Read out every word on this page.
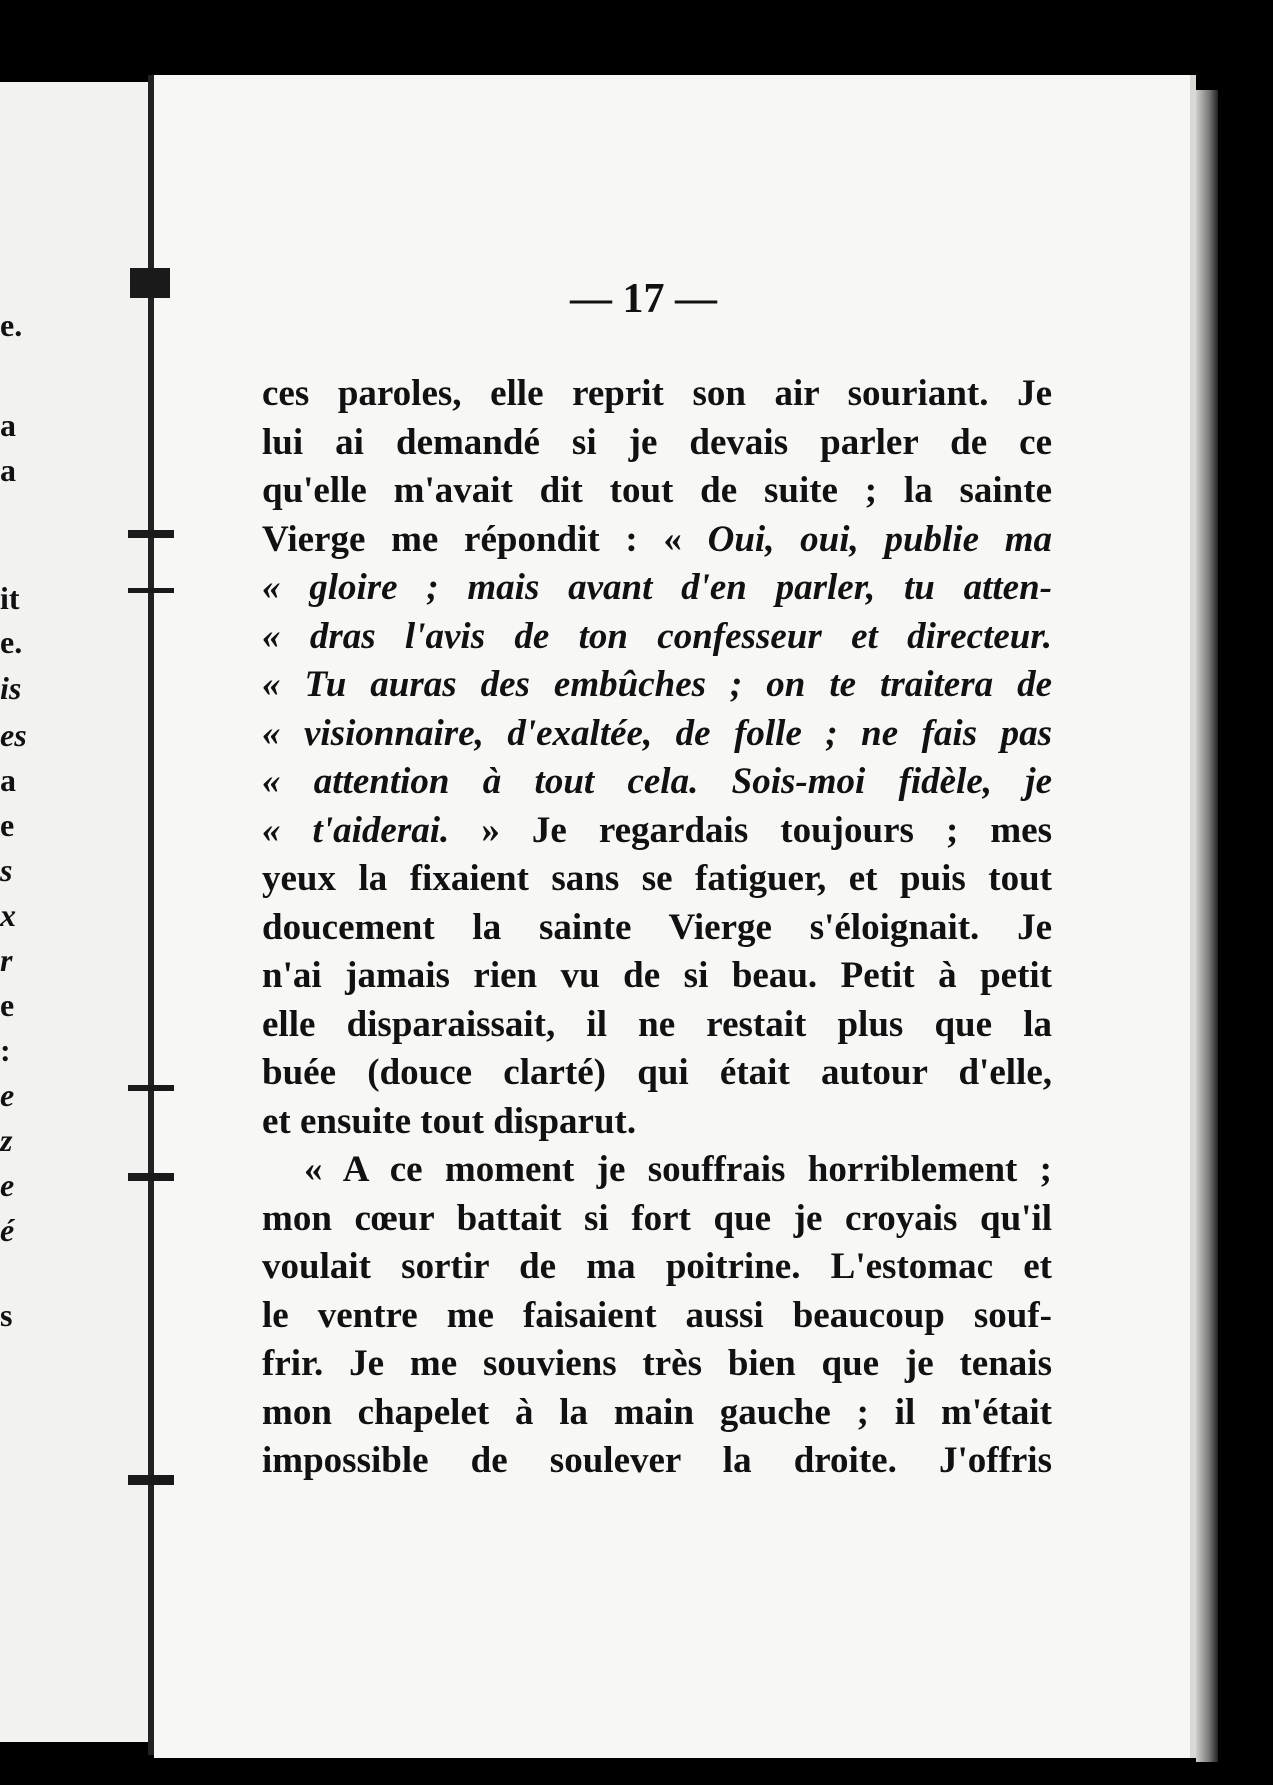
e.
a
a
it
e.
is
es
a
e
s
x
r
e
:
e
z
e
é
s
— 17 —
ces paroles, elle reprit son air souriant. Je
lui ai demandé si je devais parler de ce
qu'elle m'avait dit tout de suite ; la sainte
Vierge me répondit : « Oui, oui, publie ma
« gloire ; mais avant d'en parler, tu atten-
« dras l'avis de ton confesseur et directeur.
« Tu auras des embûches ; on te traitera de
« visionnaire, d'exaltée, de folle ; ne fais pas
« attention à tout cela. Sois-moi fidèle, je
« t'aiderai. » Je regardais toujours ; mes
yeux la fixaient sans se fatiguer, et puis tout
doucement la sainte Vierge s'éloignait. Je
n'ai jamais rien vu de si beau. Petit à petit
elle disparaissait, il ne restait plus que la
buée (douce clarté) qui était autour d'elle,
et ensuite tout disparut.
« A ce moment je souffrais horriblement ;
mon cœur battait si fort que je croyais qu'il
voulait sortir de ma poitrine. L'estomac et
le ventre me faisaient aussi beaucoup souf-
frir. Je me souviens très bien que je tenais
mon chapelet à la main gauche ; il m'était
impossible de soulever la droite. J'offris
